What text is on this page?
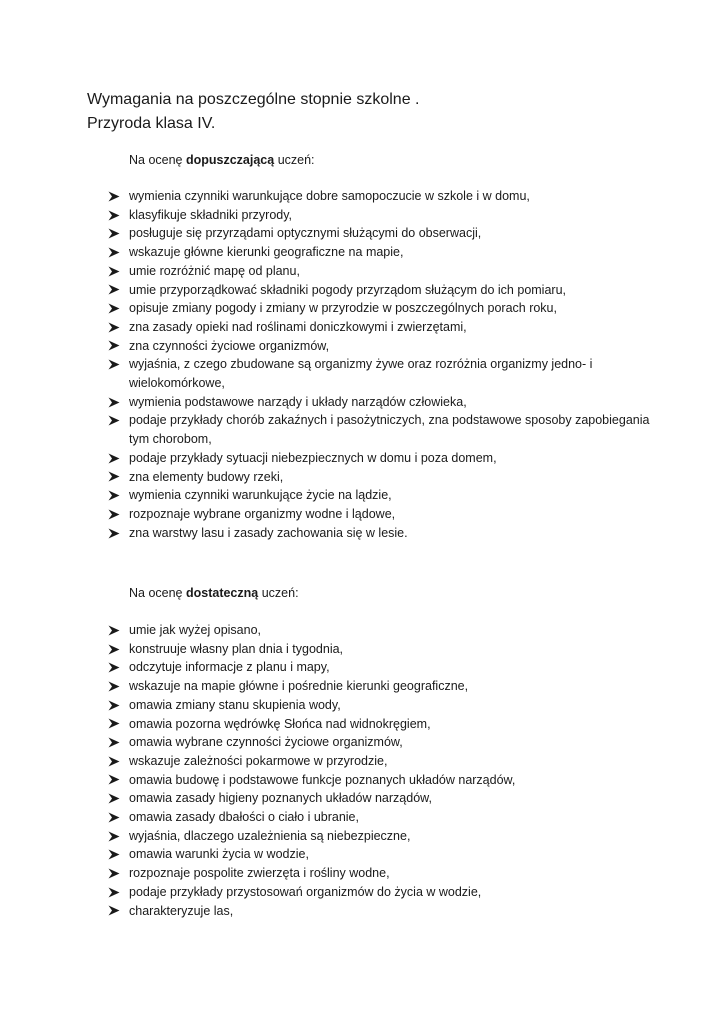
Wymagania na poszczególne stopnie szkolne .
Przyroda klasa IV.
Na ocenę dopuszczającą uczeń:
wymienia czynniki warunkujące dobre samopoczucie w szkole i w domu,
klasyfikuje składniki przyrody,
posługuje się przyrządami optycznymi służącymi do obserwacji,
wskazuje główne kierunki geograficzne na mapie,
umie rozróżnić mapę od planu,
umie przyporządkować składniki pogody przyrządom służącym do ich pomiaru,
opisuje zmiany pogody i zmiany w przyrodzie w poszczególnych porach roku,
zna zasady opieki nad roślinami doniczkowymi i zwierzętami,
zna czynności życiowe organizmów,
wyjaśnia, z czego zbudowane są organizmy żywe oraz rozróżnia organizmy jedno- i wielokomórkowe,
wymienia podstawowe narządy i układy narządów człowieka,
podaje przykłady chorób zakaźnych i pasożytniczych, zna podstawowe sposoby zapobiegania tym chorobom,
podaje przykłady sytuacji niebezpiecznych w domu i poza domem,
zna elementy budowy rzeki,
wymienia czynniki warunkujące życie na lądzie,
rozpoznaje wybrane organizmy wodne i lądowe,
zna warstwy lasu i zasady zachowania się w lesie.
Na ocenę dostateczną uczeń:
umie jak wyżej opisano,
konstruuje własny plan dnia i tygodnia,
odczytuje informacje z planu i mapy,
wskazuje na mapie główne i pośrednie kierunki geograficzne,
omawia zmiany stanu skupienia wody,
omawia pozorna wędrówkę Słońca nad widnokręgiem,
omawia wybrane czynności życiowe organizmów,
wskazuje zależności pokarmowe w przyrodzie,
omawia budowę i podstawowe funkcje poznanych układów narządów,
omawia zasady higieny poznanych układów narządów,
omawia zasady dbałości o ciało i ubranie,
wyjaśnia, dlaczego uzależnienia są niebezpieczne,
omawia warunki życia w wodzie,
rozpoznaje pospolite zwierzęta i rośliny wodne,
podaje przykłady przystosowań organizmów do życia w wodzie,
charakteryzuje las,
